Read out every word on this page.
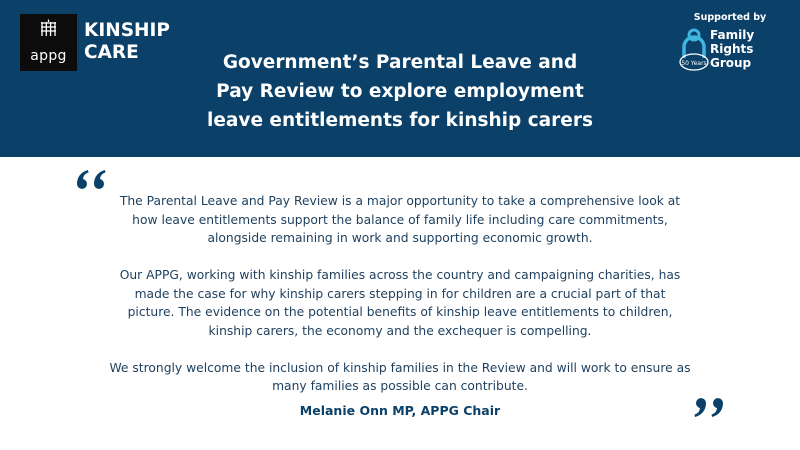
appg
KINSHIP
CARE	Government’s Parental Leave and
Pay Review to explore employment
leave entitlements for kinship carers
Supported by
50 Years
Family
Rights
Group

The Parental Leave and Pay Review is a major opportunity to take a comprehensive look at
how leave entitlements support the balance of family life including care commitments,
alongside remaining in work and supporting economic growth.

Our APPG, working with kinship families across the country and campaigning charities, has
made the case for why kinship carers stepping in for children are a crucial part of that
picture. The evidence on the potential benefits of kinship leave entitlements to children,
kinship carers, the economy and the exchequer is compelling.

We strongly welcome the inclusion of kinship families in the Review and will work to ensure as
many families as possible can contribute.

Melanie Onn MP, APPG Chair
